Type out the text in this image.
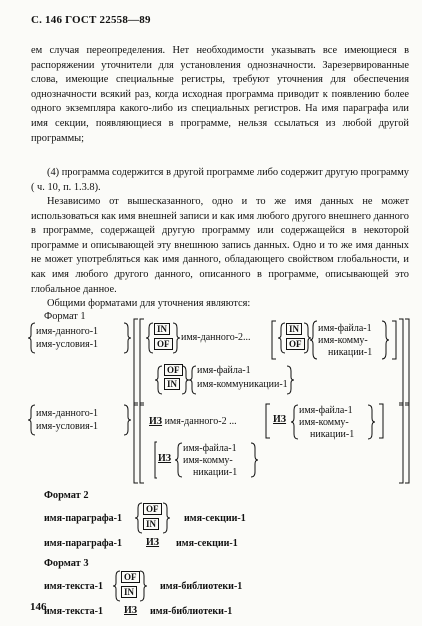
С. 146 ГОСТ 22558—89
ем случая переопределения. Нет необходимости указывать все имеющиеся в распоряжении уточнители для установления однозначности. Зарезервированные слова, имеющие специальные регистры, требуют уточнения для обеспечения однозначности всякий раз, когда исходная программа приводит к появлению более одного экземпляра какого-либо из специальных регистров. На имя параграфа или имя секции, появляющиеся в программе, нельзя ссылаться из любой другой программы;
(4) программа содержится в другой программе либо содержит другую программу ( ч. 10, п. 1.3.8).
Независимо от вышесказанного, одно и то же имя данных не может использоваться как имя внешней записи и как имя любого другого внешнего данного в программе, содержащей другую программу или содержащейся в некоторой программе и описывающей эту внешнюю запись данных. Одно и то же имя данных не может употребляться как имя данного, обладающего свойством глобальности, и как имя любого другого данного, описанного в программе, описывающей это глобальное данное.
Общими форматами для уточнения являются:
Формат 1
имя-данного-1
имя-условия-1
IN
OF
имя-данного-2...
IN
OF
имя-файла-1
имя-комму-
никации-1
OF
IN
имя-файла-1
имя-коммуникации-1
имя-данного-1
имя-условия-1	ИЗ имя-данного-2 ...	ИЗ
имя-файла-1
имя-комму-
никации-1
ИЗ
имя-файла-1
имя-комму-
никации-1
Формат 2
имя-параграфа-1
OF
IN	имя-секции-1
имя-параграфа-1 ИЗ имя-секции-1
Формат 3
имя-текста-1
OF
IN	имя-библиотеки-1
имя-текста-1 ИЗ имя-библиотеки-1
146
